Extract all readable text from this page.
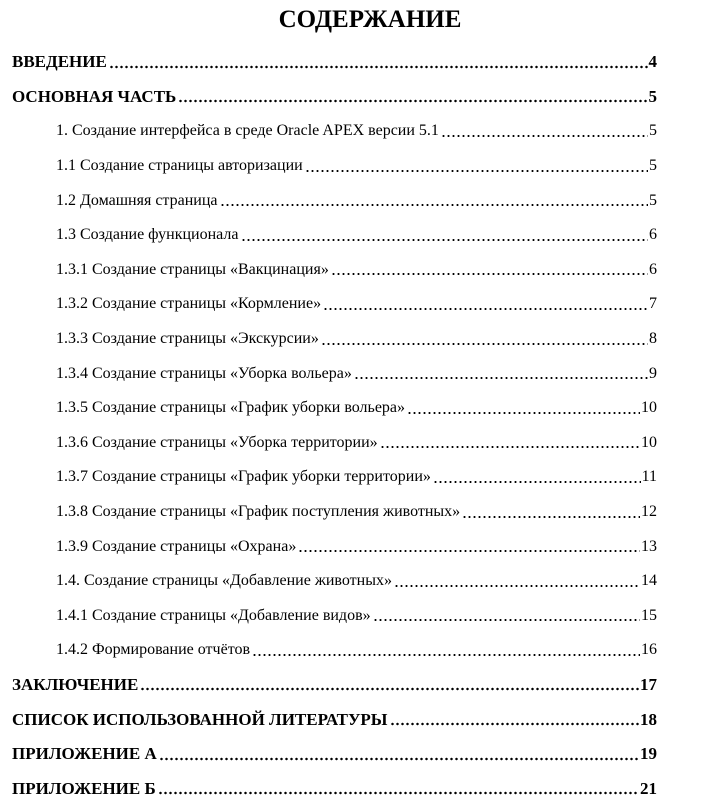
СОДЕРЖАНИЕ
ВВЕДЕНИЕ	4
ОСНОВНАЯ ЧАСТЬ	5
1. Создание интерфейса в среде Oracle APEX версии 5.1	5
1.1 Создание страницы авторизации	5
1.2 Домашняя страница	5
1.3 Создание функционала	6
1.3.1 Создание страницы «Вакцинация»	6
1.3.2 Создание страницы «Кормление»	7
1.3.3 Создание страницы «Экскурсии»	8
1.3.4 Создание страницы «Уборка вольера»	9
1.3.5 Создание страницы «График уборки вольера»	10
1.3.6 Создание страницы «Уборка территории»	10
1.3.7 Создание страницы «График уборки территории»	11
1.3.8 Создание страницы «График поступления животных»	12
1.3.9 Создание страницы «Охрана»	13
1.4. Создание страницы «Добавление животных»	14
1.4.1 Создание страницы «Добавление видов»	15
1.4.2 Формирование отчётов	16
ЗАКЛЮЧЕНИЕ	17
СПИСОК ИСПОЛЬЗОВАННОЙ ЛИТЕРАТУРЫ	18
ПРИЛОЖЕНИЕ А	19
ПРИЛОЖЕНИЕ Б	21
